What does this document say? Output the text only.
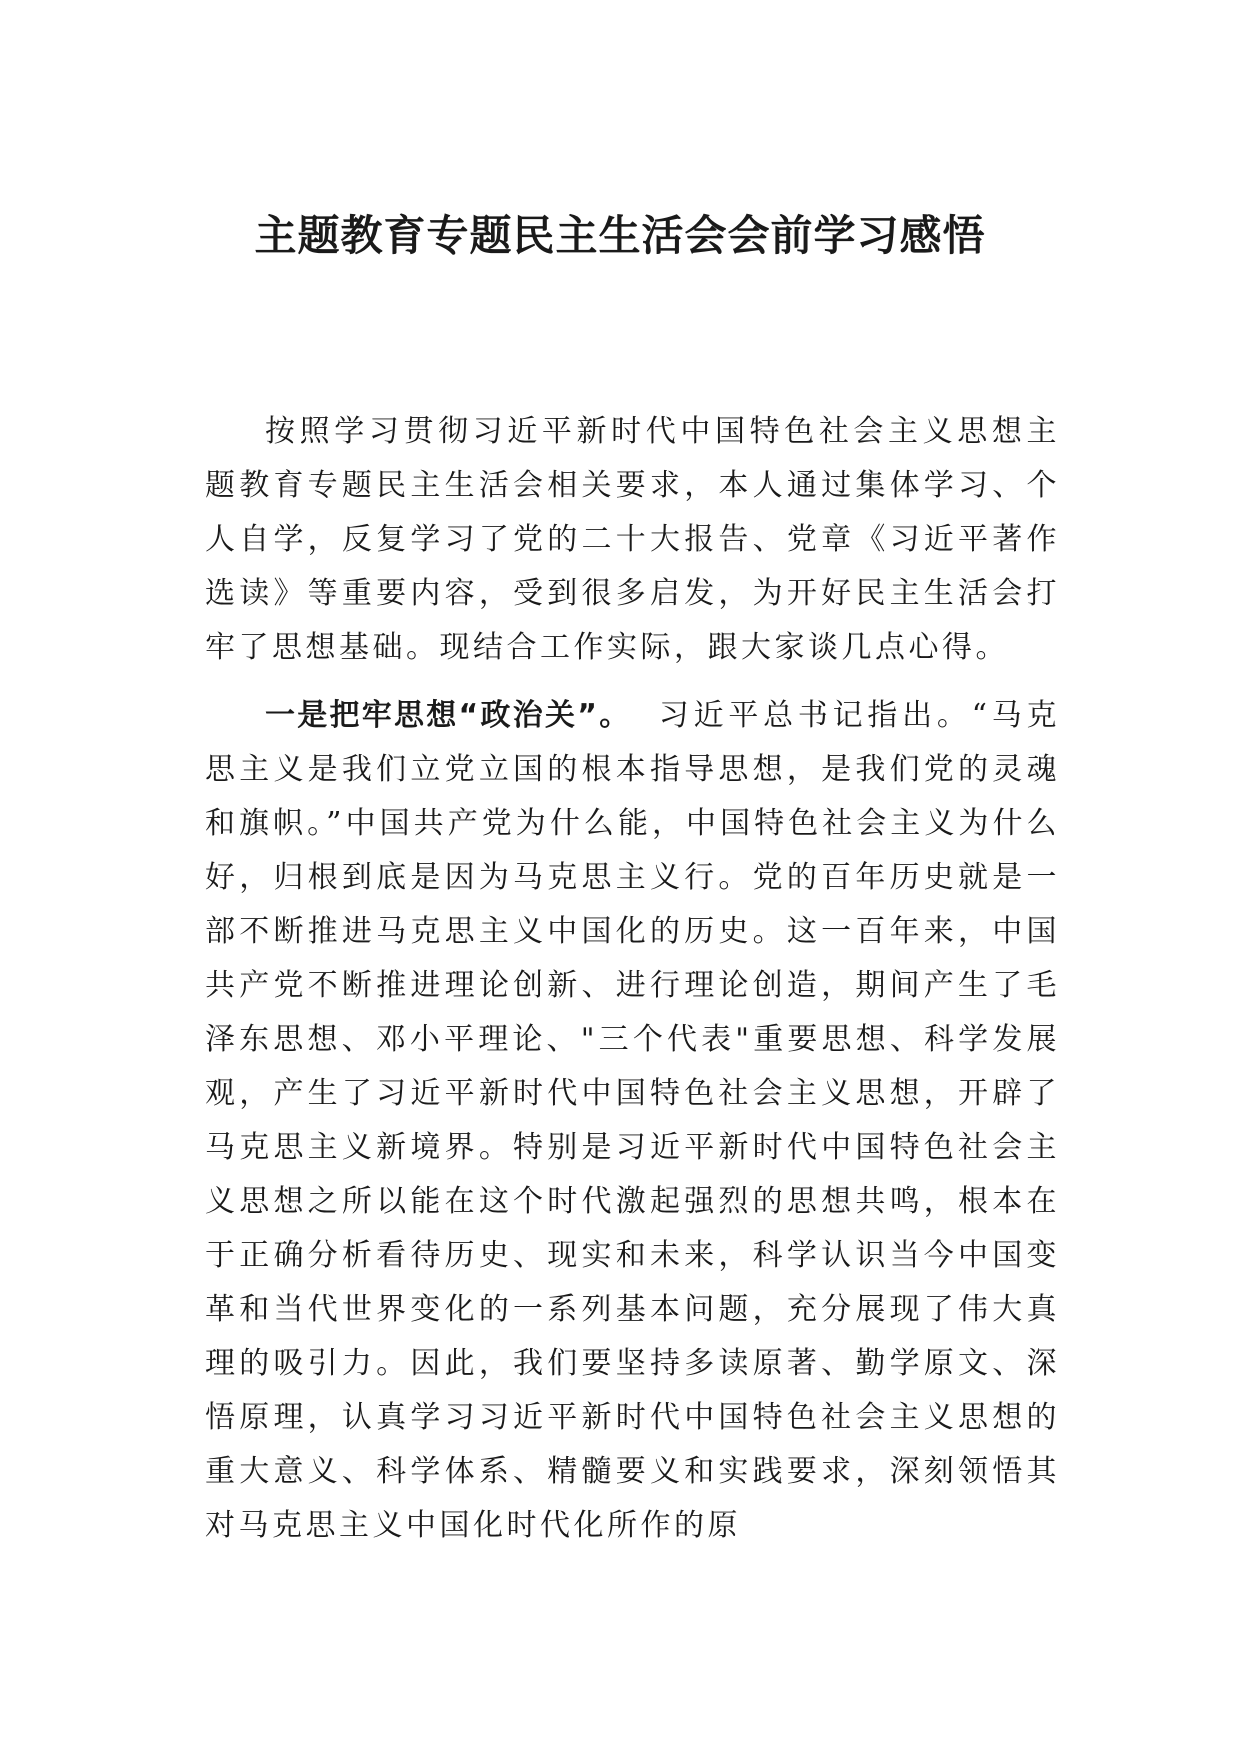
主题教育专题民主生活会会前学习感悟

按照学习贯彻习近平新时代中国特色社会主义思想主题教育专题民主生活会相关要求，本人通过集体学习、个人自学，反复学习了党的二十大报告、党章《习近平著作选读》等重要内容，受到很多启发，为开好民主生活会打牢了思想基础。现结合工作实际，跟大家谈几点心得。

一是把牢思想“政治关”。 习近平总书记指出。“马克思主义是我们立党立国的根本指导思想，是我们党的灵魂和旗帜。”中国共产党为什么能，中国特色社会主义为什么好，归根到底是因为马克思主义行。党的百年历史就是一部不断推进马克思主义中国化的历史。这一百年来，中国共产党不断推进理论创新、进行理论创造，期间产生了毛泽东思想、邓小平理论、"三个代表"重要思想、科学发展观，产生了习近平新时代中国特色社会主义思想，开辟了马克思主义新境界。特别是习近平新时代中国特色社会主义思想之所以能在这个时代激起强烈的思想共鸣，根本在于正确分析看待历史、现实和未来，科学认识当今中国变革和当代世界变化的一系列基本问题，充分展现了伟大真理的吸引力。因此，我们要坚持多读原著、勤学原文、深悟原理，认真学习习近平新时代中国特色社会主义思想的重大意义、科学体系、精髓要义和实践要求，深刻领悟其对马克思主义中国化时代化所作的原
